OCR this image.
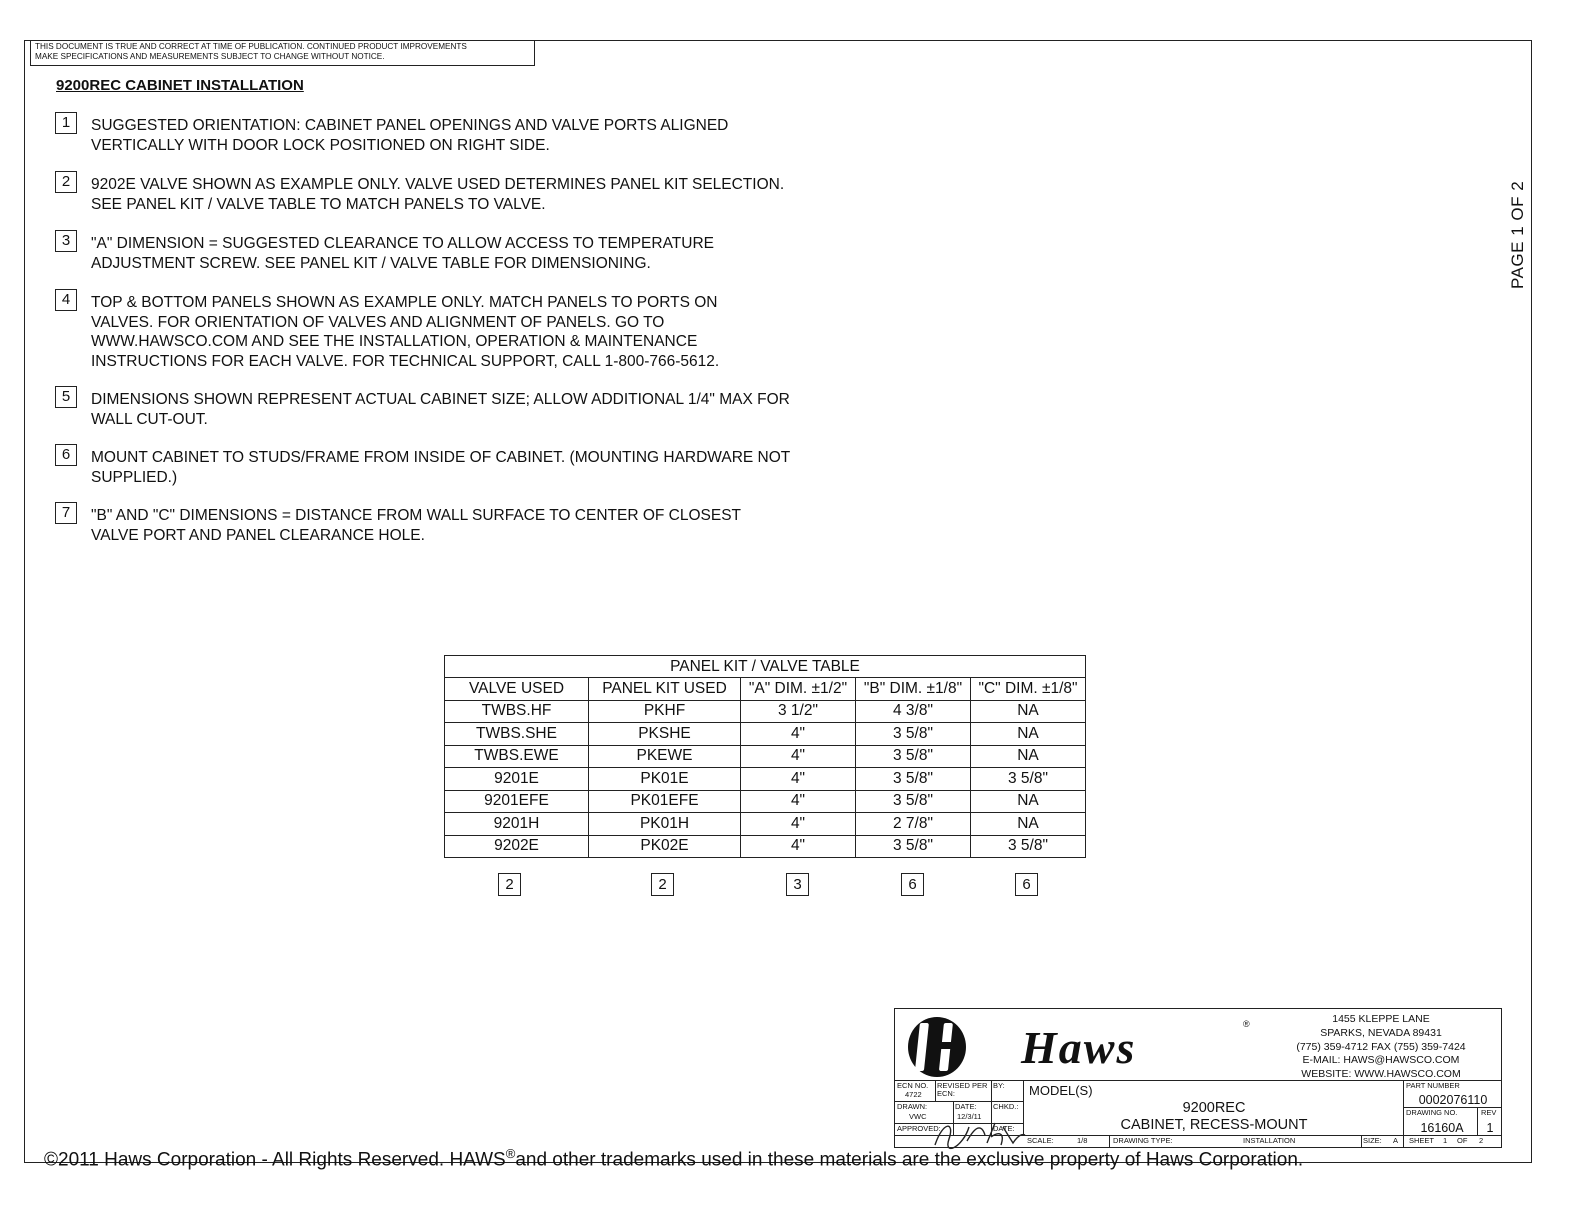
THIS DOCUMENT IS TRUE AND CORRECT AT TIME OF PUBLICATION. CONTINUED PRODUCT IMPROVEMENTS
MAKE SPECIFICATIONS AND MEASUREMENTS SUBJECT TO CHANGE WITHOUT NOTICE.
9200REC CABINET INSTALLATION
1	SUGGESTED ORIENTATION: CABINET PANEL OPENINGS AND VALVE PORTS ALIGNED VERTICALLY WITH DOOR LOCK POSITIONED ON RIGHT SIDE.
2	9202E VALVE SHOWN AS EXAMPLE ONLY. VALVE USED DETERMINES PANEL KIT SELECTION. SEE PANEL KIT / VALVE TABLE TO MATCH PANELS TO VALVE.
3	"A" DIMENSION = SUGGESTED CLEARANCE TO ALLOW ACCESS TO TEMPERATURE ADJUSTMENT SCREW. SEE PANEL KIT / VALVE TABLE FOR DIMENSIONING.
4	TOP & BOTTOM PANELS SHOWN AS EXAMPLE ONLY. MATCH PANELS TO PORTS ON VALVES. FOR ORIENTATION OF VALVES AND ALIGNMENT OF PANELS. GO TO WWW.HAWSCO.COM AND SEE THE INSTALLATION, OPERATION & MAINTENANCE INSTRUCTIONS FOR EACH VALVE. FOR TECHNICAL SUPPORT, CALL 1-800-766-5612.
5	DIMENSIONS SHOWN REPRESENT ACTUAL CABINET SIZE; ALLOW ADDITIONAL 1/4" MAX FOR WALL CUT-OUT.
6	MOUNT CABINET TO STUDS/FRAME FROM INSIDE OF CABINET. (MOUNTING HARDWARE NOT SUPPLIED.)
7	"B" AND "C" DIMENSIONS = DISTANCE FROM WALL SURFACE TO CENTER OF CLOSEST VALVE PORT AND PANEL CLEARANCE HOLE.
PAGE 1 OF 2
PANEL KIT / VALVE TABLE				
VALVE USED	PANEL KIT USED	"A" DIM. ±1/2"	"B" DIM. ±1/8"	"C" DIM. ±1/8"
TWBS.HF	PKHF	3 1/2"	4 3/8"	NA
TWBS.SHE	PKSHE	4"	3 5/8"	NA
TWBS.EWE	PKEWE	4"	3 5/8"	NA
9201E	PK01E	4"	3 5/8"	3 5/8"
9201EFE	PK01EFE	4"	3 5/8"	NA
9201H	PK01H	4"	2 7/8"	NA
9202E	PK02E	4"	3 5/8"	3 5/8"
2	2	3	6	6
Haws	®	1455 KLEPPE LANE
SPARKS, NEVADA 89431
(775) 359-4712 FAX (755) 359-7424
E-MAIL: HAWS@HAWSCO.COM
WEBSITE: WWW.HAWSCO.COM
ECN NO.
4722
REVISED PER ECN:
BY:
DRAWN:
VWC
DATE:
12/3/11
CHKD.:
APPROVED:	DATE:
MODEL(S)
9200REC
CABINET, RECESS-MOUNT
PART NUMBER
0002076110
DRAWING NO.
16160A
REV
1
SCALE:	1/8	DRAWING TYPE:	INSTALLATION	SIZE: A SHEET 1 OF 2
©2011 Haws Corporation - All Rights Reserved. HAWS®and other trademarks used in these materials are the exclusive property of Haws Corporation.
